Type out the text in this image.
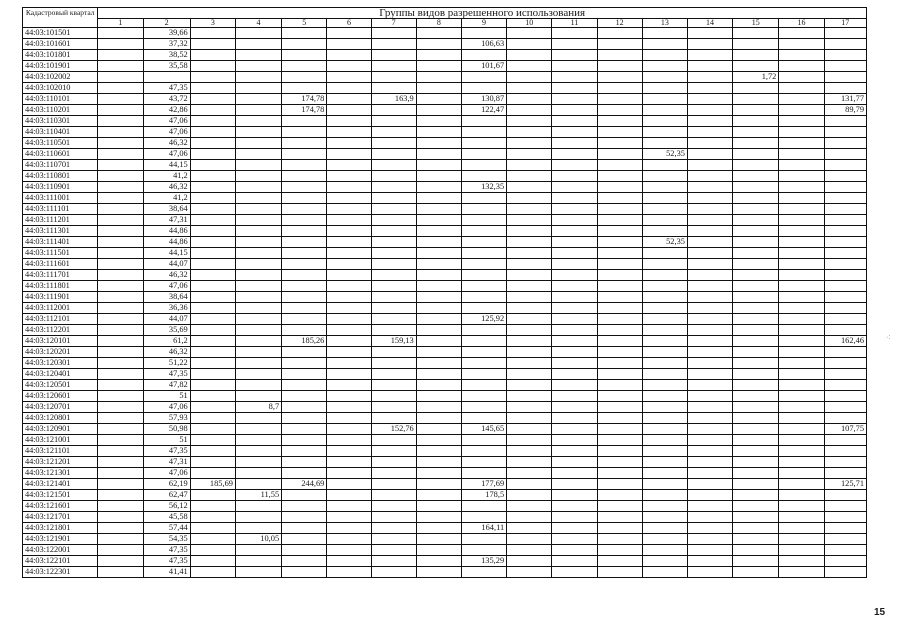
Кадастровый квартал	Группы видов разрешенного использования																
	1	2	3	4	5	6	7	8	9	10	11	12	13	14	15	16	17
44:03:101501		39,66															
44:03:101601		37,32							106,63								
44:03:101801		38,52															
44:03:101901		35,58							101,67								
44:03:102002															1,72		
44:03:102010		47,35															
44:03:110101		43,72			174,78		163,9		130,87								131,77
44:03:110201		42,86			174,78				122,47								89,79
44:03:110301		47,06															
44:03:110401		47,06															
44:03:110501		46,32															
44:03:110601		47,06											52,35				
44:03:110701		44,15															
44:03:110801		41,2															
44:03:110901		46,32							132,35								
44:03:111001		41,2															
44:03:111101		38,64															
44:03:111201		47,31															
44:03:111301		44,86															
44:03:111401		44,86											52,35				
44:03:111501		44,15															
44:03:111601		44,07															
44:03:111701		46,32															
44:03:111801		47,06															
44:03:111901		38,64															
44:03:112001		36,36															
44:03:112101		44,07							125,92								
44:03:112201		35,69															
44:03:120101		61,2			185,26		159,13										162,46
44:03:120201		46,32															
44:03:120301		51,22															
44:03:120401		47,35															
44:03:120501		47,82															
44:03:120601		51															
44:03:120701		47,06		8,7													
44:03:120801		57,93															
44:03:120901		50,98					152,76		145,65								107,75
44:03:121001		51															
44:03:121101		47,35															
44:03:121201		47,31															
44:03:121301		47,06															
44:03:121401		62,19	185,69		244,69				177,69								125,71
44:03:121501		62,47		11,55					178,5								
44:03:121601		56,12															
44:03:121701		45,58															
44:03:121801		57,44							164,11								
44:03:121901		54,35		10,05													
44:03:122001		47,35															
44:03:122101		47,35							135,29								
44:03:122301		41,41															
15
·:
